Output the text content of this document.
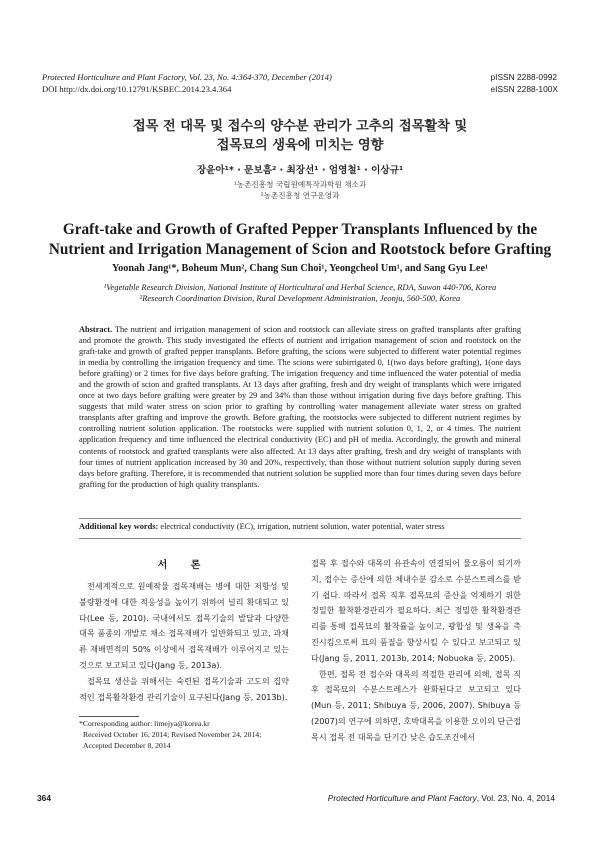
Protected Horticulture and Plant Factory, Vol. 23, No. 4:364-370, December (2014)
DOI http://dx.doi.org/10.12791/KSBEC.2014.23.4.364
pISSN 2288-0992
eISSN 2288-100X
접목 전 대목 및 접수의 양수분 관리가 고추의 접목활착 및
접목묘의 생육에 미치는 영향
장윤아¹* · 문보흠² · 최장선¹ · 엄영철¹ · 이상규¹
¹농촌진흥청 국립원예특작과학원 채소과
²농촌진흥청 연구운영과
Graft-take and Growth of Grafted Pepper Transplants Influenced by the
Nutrient and Irrigation Management of Scion and Rootstock before Grafting
Yoonah Jang¹*, Boheum Mun², Chang Sun Choi¹, Yeongcheol Um¹, and Sang Gyu Lee¹
¹Vegetable Research Division, National Institute of Horticultural and Herbal Science, RDA, Suwon 440-706, Korea
²Research Coordination Division, Rural Development Administration, Jeonju, 560-500, Korea
Abstract. The nutrient and irrigation management of scion and rootstock can alleviate stress on grafted transplants after grafting and promote the growth. This study investigated the effects of nutrient and irrigation management of scion and rootstock on the graft-take and growth of grafted pepper transplants. Before grafting, the scions were subjected to different water potential regimes in media by controlling the irrigation frequency and time. The scions were subirrigated 0, 1(two days before grafting), 1(one days before grafting) or 2 times for five days before grafting. The irrigation frequency and time influenced the water potential of media and the growth of scion and grafted transplants. At 13 days after grafting, fresh and dry weight of transplants which were irrigated once at two days before grafting were greater by 29 and 34% than those without irrigation during five days before grafting. This suggests that mild water stress on scion prior to grafting by controlling water management alleviate water stress on grafted transplants after grafting and improve the growth. Before grafting, the rootstocks were subjected to different nutrient regimes by controlling nutrient solution application. The rootstocks were supplied with nutrient solution 0, 1, 2, or 4 times. The nutrient application frequency and time influenced the electrical conductivity (EC) and pH of media. Accordingly, the growth and mineral contents of rootstock and grafted transplants were also affected. At 13 days after grafting, fresh and dry weight of transplants with four times of nutrient application increased by 30 and 20%, respectively, than those without nutrient solution supply during seven days before grafting. Therefore, it is recommended that nutrient solution be supplied more than four times during seven days before grafting for the production of high quality transplants.
Additional key words: electrical conductivity (EC), irrigation, nutrient solution, water potential, water stress
서 론

전세계적으로 원예작물 접목재배는 병에 대한 저항성 및 불량환경에 대한 적응성을 높이기 위하여 널리 확대되고 있다(Lee 등, 2010). 국내에서도 접목기술의 발달과 다양한 대목 품종의 개발로 채소 접목재배가 일반화되고 있고, 과채류 재배면적의 50% 이상에서 접목재배가 이루어지고 있는 것으로 보고되고 있다(Jang 등, 2013a).

접목묘 생산을 위해서는 숙련된 접목기술과 고도의 집약적인 접목활착환경 관리기술이 요구된다(Jang 등, 2013b).

접목 후 접수와 대목의 유관속이 연결되어 물오름이 되기까지, 접수는 증산에 의한 체내수분 감소로 수분스트레스를 받기 쉽다. 따라서 접목 직후 접목묘의 증산을 억제하기 위한 정밀한 활착환경관리가 필요하다. 최근 정밀한 활착환경관리를 통해 접목묘의 활착률을 높이고, 광합성 및 생육을 촉진시킴으로써 묘의 품질을 향상시킬 수 있다고 보고되고 있다(Jang 등, 2011, 2013b, 2014; Nobuoka 등, 2005).

한편, 접목 전 접수와 대목의 적절한 관리에 의해, 접목 직후 접목묘의 수분스트레스가 완화된다고 보고되고 있다(Mun 등, 2011; Shibuya 등, 2006, 2007). Shibuya 등(2007)의 연구에 의하면, 호박대목을 이용한 오이의 단근접목시 접목 전 대목을 단기간 낮은 습도조건에서

*Corresponding author: limejya@korea.kr
Received October 16, 2014; Revised November 24, 2014;
Accepted December 8, 2014
364	Protected Horticulture and Plant Factory, Vol. 23, No. 4, 2014
